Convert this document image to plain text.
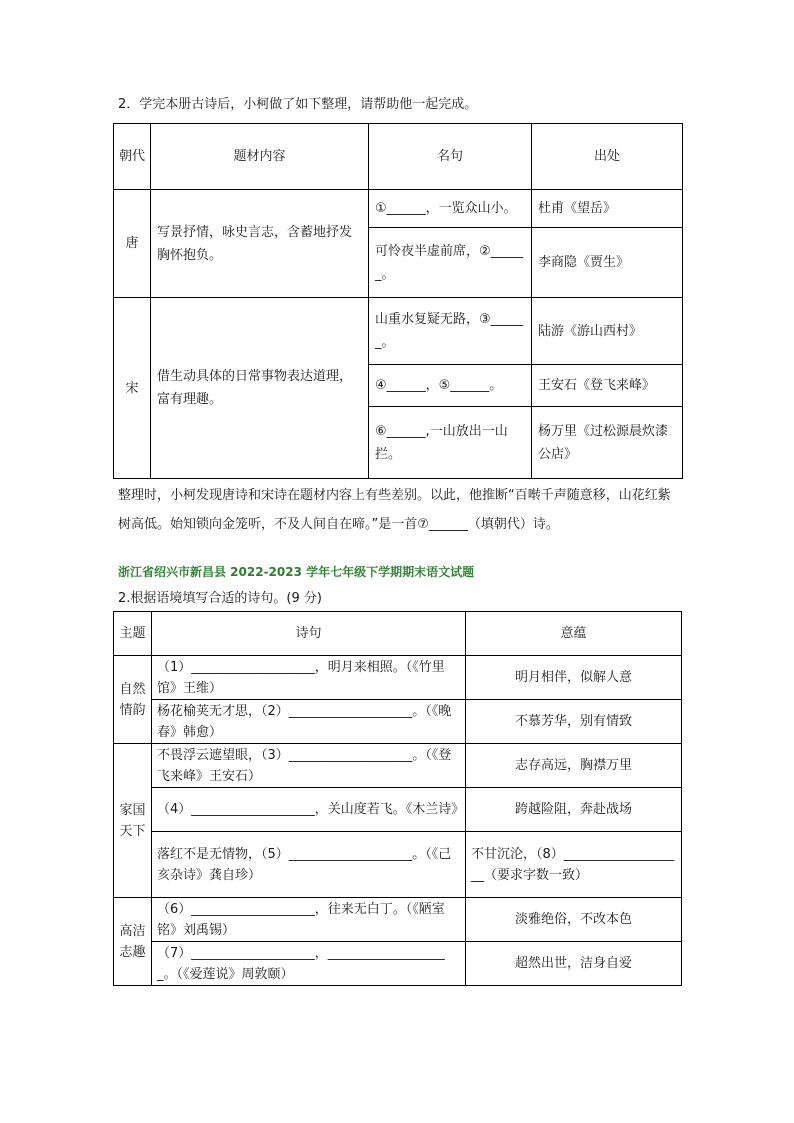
2．学完本册古诗后，小柯做了如下整理，请帮助他一起完成。
朝代	题材内容	名句	出处
唐	写景抒情，咏史言志，含蓄地抒发胸怀抱负。	①______，一览众山小。	杜甫《望岳》
		可怜夜半虚前席，②______。	李商隐《贾生》
宋	借生动具体的日常事物表达道理，富有理趣。	山重水复疑无路，③______。	陆游《游山西村》
		④______，⑤______。	王安石《登飞来峰》
		⑥______,一山放出一山拦。	杨万里《过松源晨炊漆公店》
整理时，小柯发现唐诗和宋诗在题材内容上有些差别。以此，他推断“百啭千声随意移，山花红紫树高低。始知锁向金笼听，不及人间自在啼。”是一首⑦______（填朝代）诗。
浙江省绍兴市新昌县 2022-2023 学年七年级下学期期末语文试题
2.根据语境填写合适的诗句。(9 分)
主题	诗句	意蕴
自然情韵	（1）___________________，明月来相照。（《竹里馆》王维）	明月相伴，似解人意
	杨花榆荚无才思，（2）___________________。（《晚春》韩愈）	不慕芳华，别有情致
家国天下	不畏浮云遮望眼，（3）___________________。（《登飞来峰》王安石）	志存高远，胸襟万里
	（4）___________________，关山度若飞。《木兰诗》	跨越险阻，奔赴战场
	落红不是无情物，（5）___________________。（《己亥杂诗》龚自珍）	不甘沉沦，（8）___________________（要求字数一致）
高洁志趣	（6）___________________，往来无白丁。（《陋室铭》刘禹锡）	淡雅绝俗，不改本色
	（7）___________________，___________________。（《爱莲说》周敦颐）	超然出世，洁身自爱
